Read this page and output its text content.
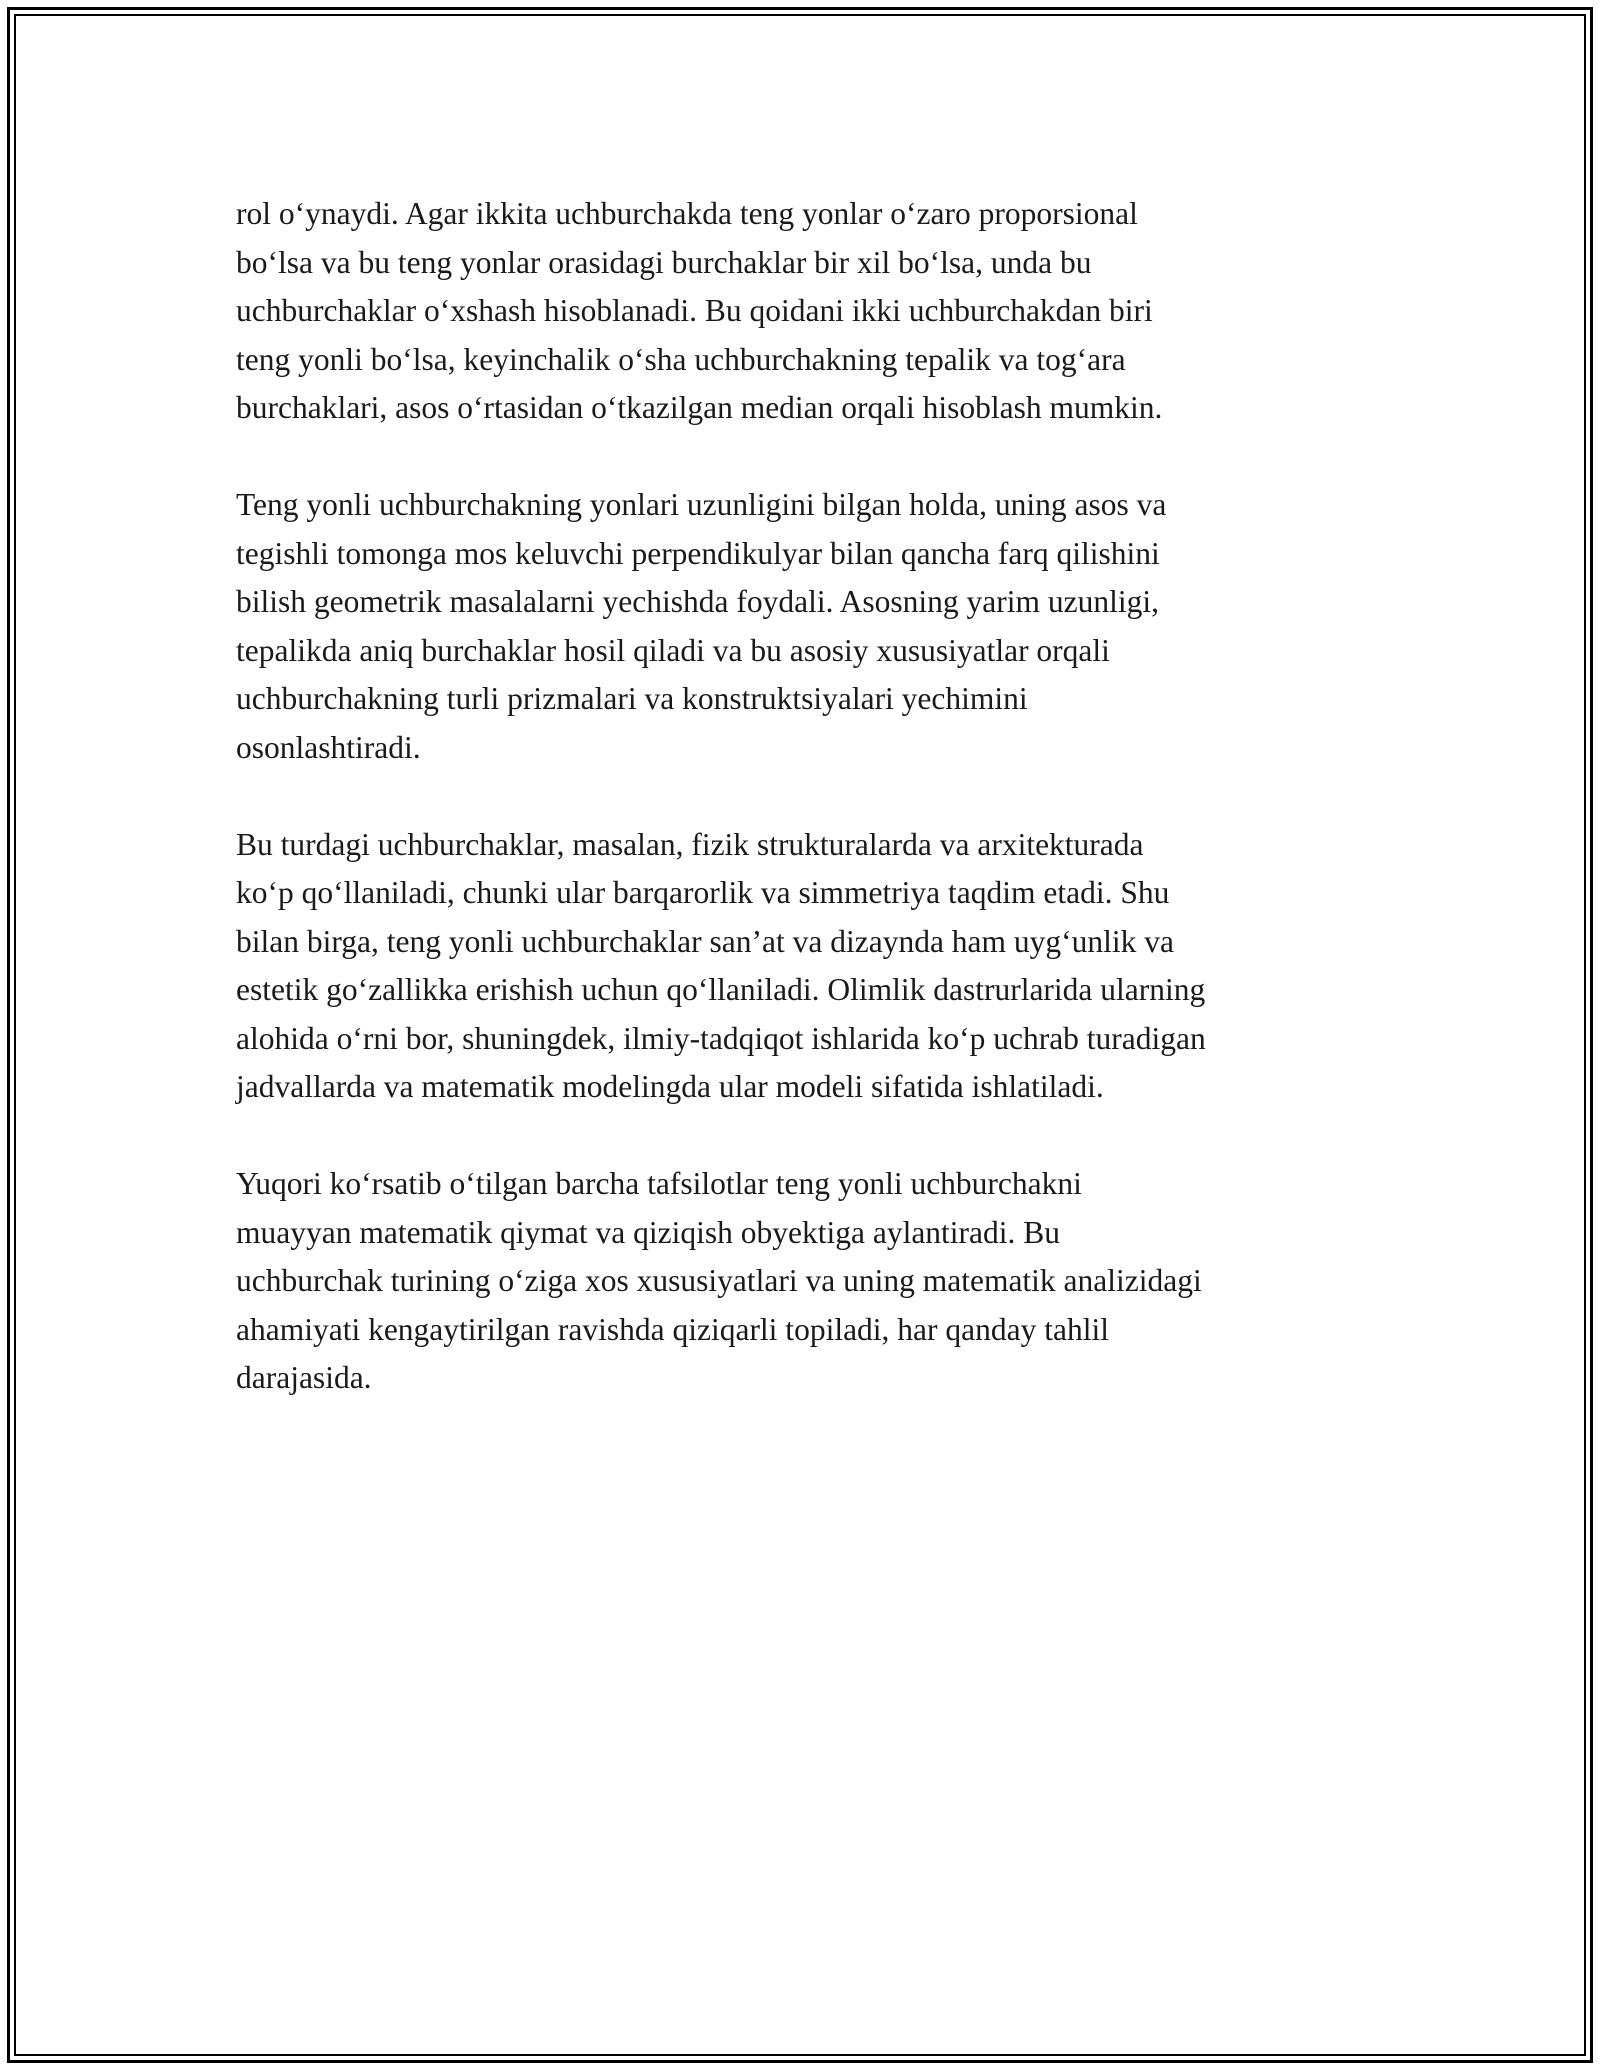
rol o‘ynaydi. Agar ikkita uchburchakda teng yonlar o‘zaro proporsional
bo‘lsa va bu teng yonlar orasidagi burchaklar bir xil bo‘lsa, unda bu
uchburchaklar o‘xshash hisoblanadi. Bu qoidani ikki uchburchakdan biri
teng yonli bo‘lsa, keyinchalik o‘sha uchburchakning tepalik va tog‘ara
burchaklari, asos o‘rtasidan o‘tkazilgan median orqali hisoblash mumkin.

Teng yonli uchburchakning yonlari uzunligini bilgan holda, uning asos va
tegishli tomonga mos keluvchi perpendikulyar bilan qancha farq qilishini
bilish geometrik masalalarni yechishda foydali. Asosning yarim uzunligi,
tepalikda aniq burchaklar hosil qiladi va bu asosiy xususiyatlar orqali
uchburchakning turli prizmalari va konstruktsiyalari yechimini
osonlashtiradi.

Bu turdagi uchburchaklar, masalan, fizik strukturalarda va arxitekturada
ko‘p qo‘llaniladi, chunki ular barqarorlik va simmetriya taqdim etadi. Shu
bilan birga, teng yonli uchburchaklar san’at va dizaynda ham uyg‘unlik va
estetik go‘zallikka erishish uchun qo‘llaniladi. Olimlik dastrurlarida ularning
alohida o‘rni bor, shuningdek, ilmiy-tadqiqot ishlarida ko‘p uchrab turadigan
jadvallarda va matematik modelingda ular modeli sifatida ishlatiladi.

Yuqori ko‘rsatib o‘tilgan barcha tafsilotlar teng yonli uchburchakni
muayyan matematik qiymat va qiziqish obyektiga aylantiradi. Bu
uchburchak turining o‘ziga xos xususiyatlari va uning matematik analizidagi
ahamiyati kengaytirilgan ravishda qiziqarli topiladi, har qanday tahlil
darajasida.
